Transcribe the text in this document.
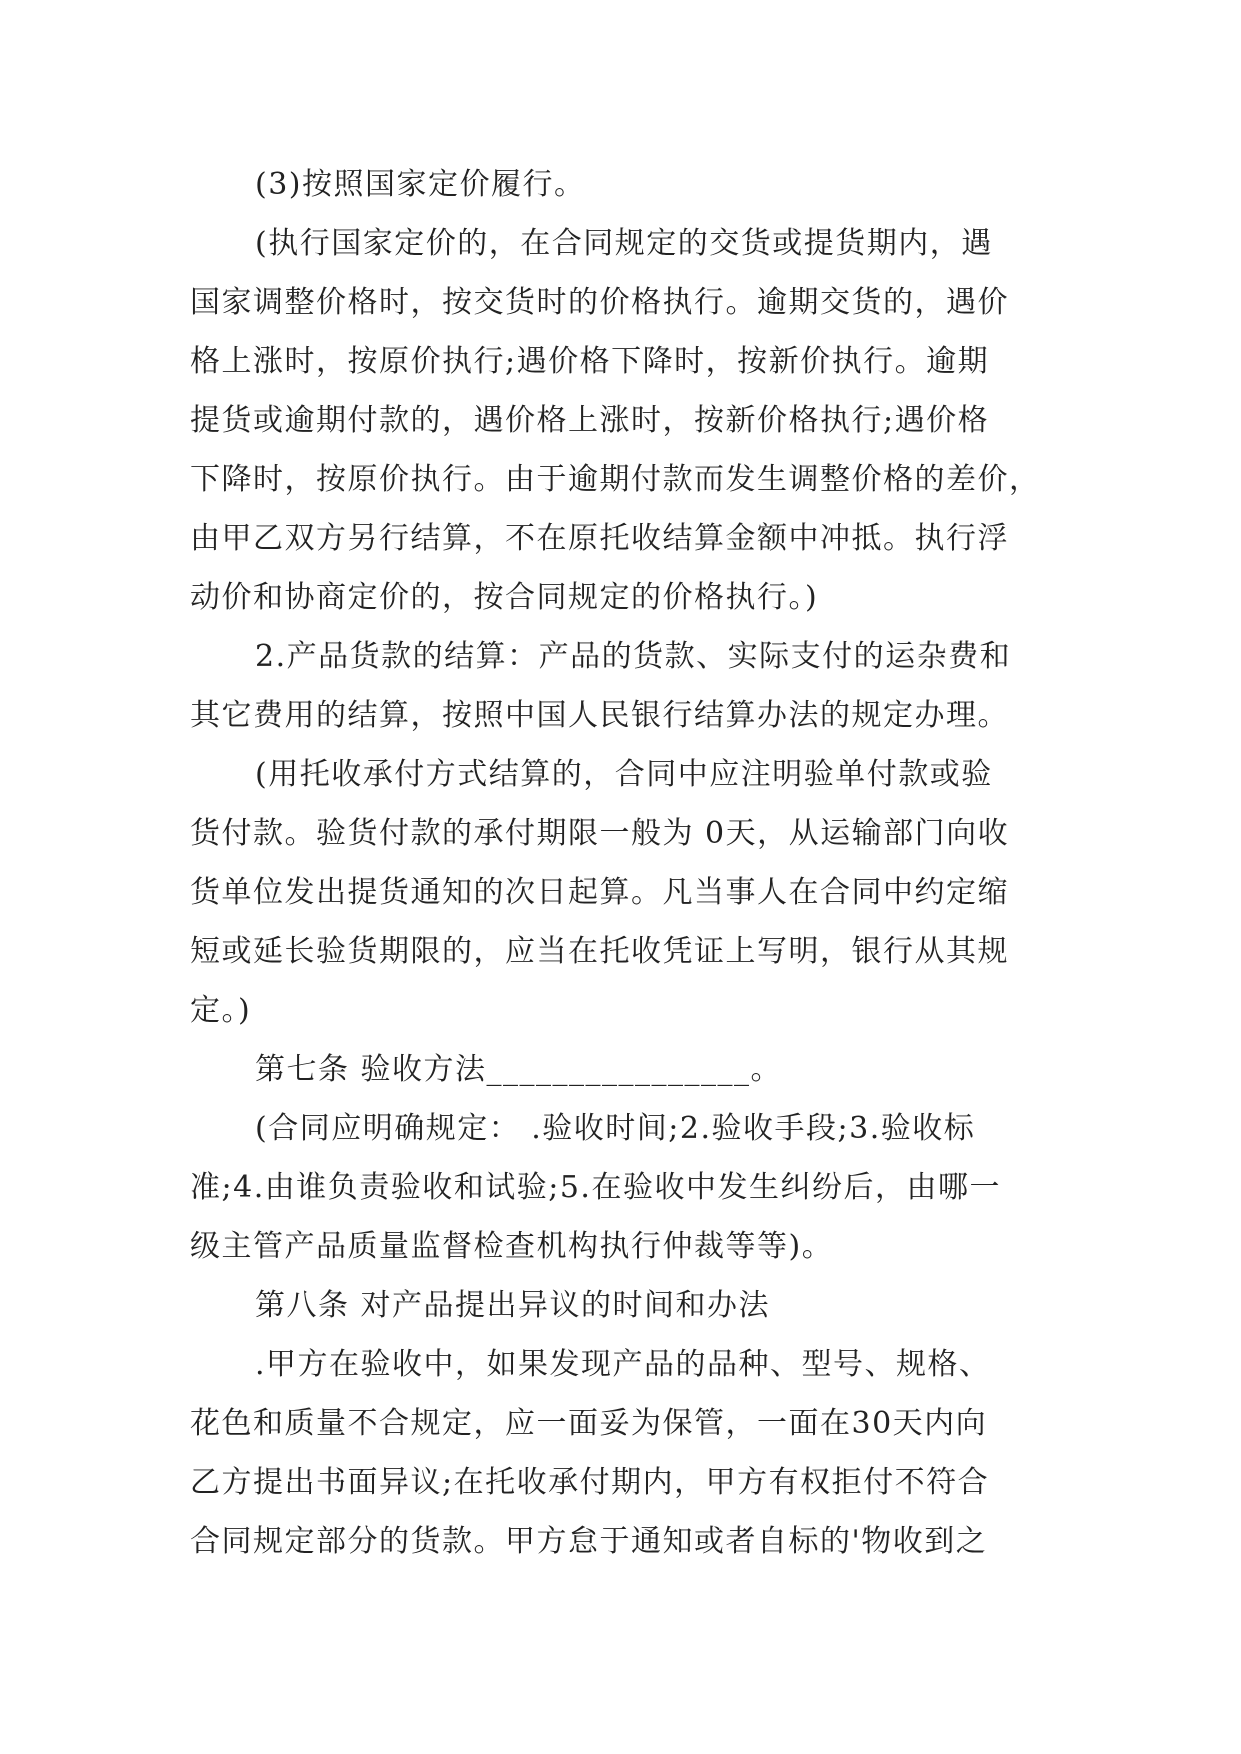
(3)按照国家定价履行。
(执行国家定价的，在合同规定的交货或提货期内，遇
国家调整价格时，按交货时的价格执行。逾期交货的，遇价
格上涨时，按原价执行;遇价格下降时，按新价执行。逾期
提货或逾期付款的，遇价格上涨时，按新价格执行;遇价格
下降时，按原价执行。由于逾期付款而发生调整价格的差价，
由甲乙双方另行结算，不在原托收结算金额中冲抵。执行浮
动价和协商定价的，按合同规定的价格执行。)
2.产品货款的结算：产品的货款、实际支付的运杂费和
其它费用的结算，按照中国人民银行结算办法的规定办理。
(用托收承付方式结算的，合同中应注明验单付款或验
货付款。验货付款的承付期限一般为 0天，从运输部门向收
货单位发出提货通知的次日起算。凡当事人在合同中约定缩
短或延长验货期限的，应当在托收凭证上写明，银行从其规
定。)
第七条 验收方法________________。
(合同应明确规定： .验收时间;2.验收手段;3.验收标
准;4.由谁负责验收和试验;5.在验收中发生纠纷后，由哪一
级主管产品质量监督检查机构执行仲裁等等)。
第八条 对产品提出异议的时间和办法
.甲方在验收中，如果发现产品的品种、型号、规格、
花色和质量不合规定，应一面妥为保管，一面在30天内向
乙方提出书面异议;在托收承付期内，甲方有权拒付不符合
合同规定部分的货款。甲方怠于通知或者自标的'物收到之
